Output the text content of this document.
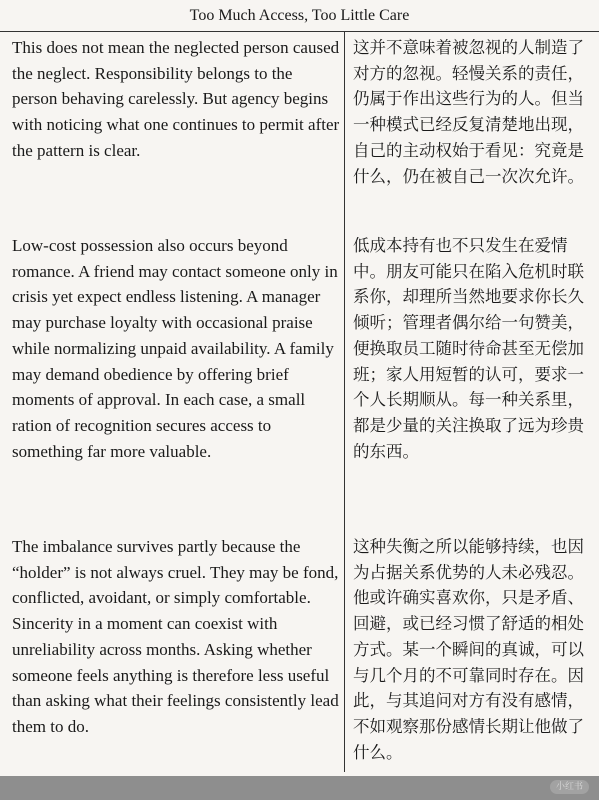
Too Much Access, Too Little Care

This does not mean the neglected person caused the neglect. Responsibility belongs to the person behaving carelessly. But agency begins with noticing what one continues to permit after the pattern is clear.

这并不意味着被忽视的人制造了对方的忽视。轻慢关系的责任，仍属于作出这些行为的人。但当一种模式已经反复清楚地出现，自己的主动权始于看见：究竟是什么，仍在被自己一次次允许。

Low-cost possession also occurs beyond romance. A friend may contact someone only in crisis yet expect endless listening. A manager may purchase loyalty with occasional praise while normalizing unpaid availability. A family may demand obedience by offering brief moments of approval. In each case, a small ration of recognition secures access to something far more valuable.

低成本持有也不只发生在爱情中。朋友可能只在陷入危机时联系你，却理所当然地要求你长久倾听；管理者偶尔给一句赞美，便换取员工随时待命甚至无偿加班；家人用短暂的认可，要求一个人长期顺从。每一种关系里，都是少量的关注换取了远为珍贵的东西。

The imbalance survives partly because the “holder” is not always cruel. They may be fond, conflicted, avoidant, or simply comfortable. Sincerity in a moment can coexist with unreliability across months. Asking whether someone feels anything is therefore less useful than asking what their feelings consistently lead them to do.

这种失衡之所以能够持续，也因为占据关系优势的人未必残忍。他或许确实喜欢你，只是矛盾、回避，或已经习惯了舒适的相处方式。某一个瞬间的真诚，可以与几个月的不可靠同时存在。因此，与其追问对方有没有感情，不如观察那份感情长期让他做了什么。

小红书
